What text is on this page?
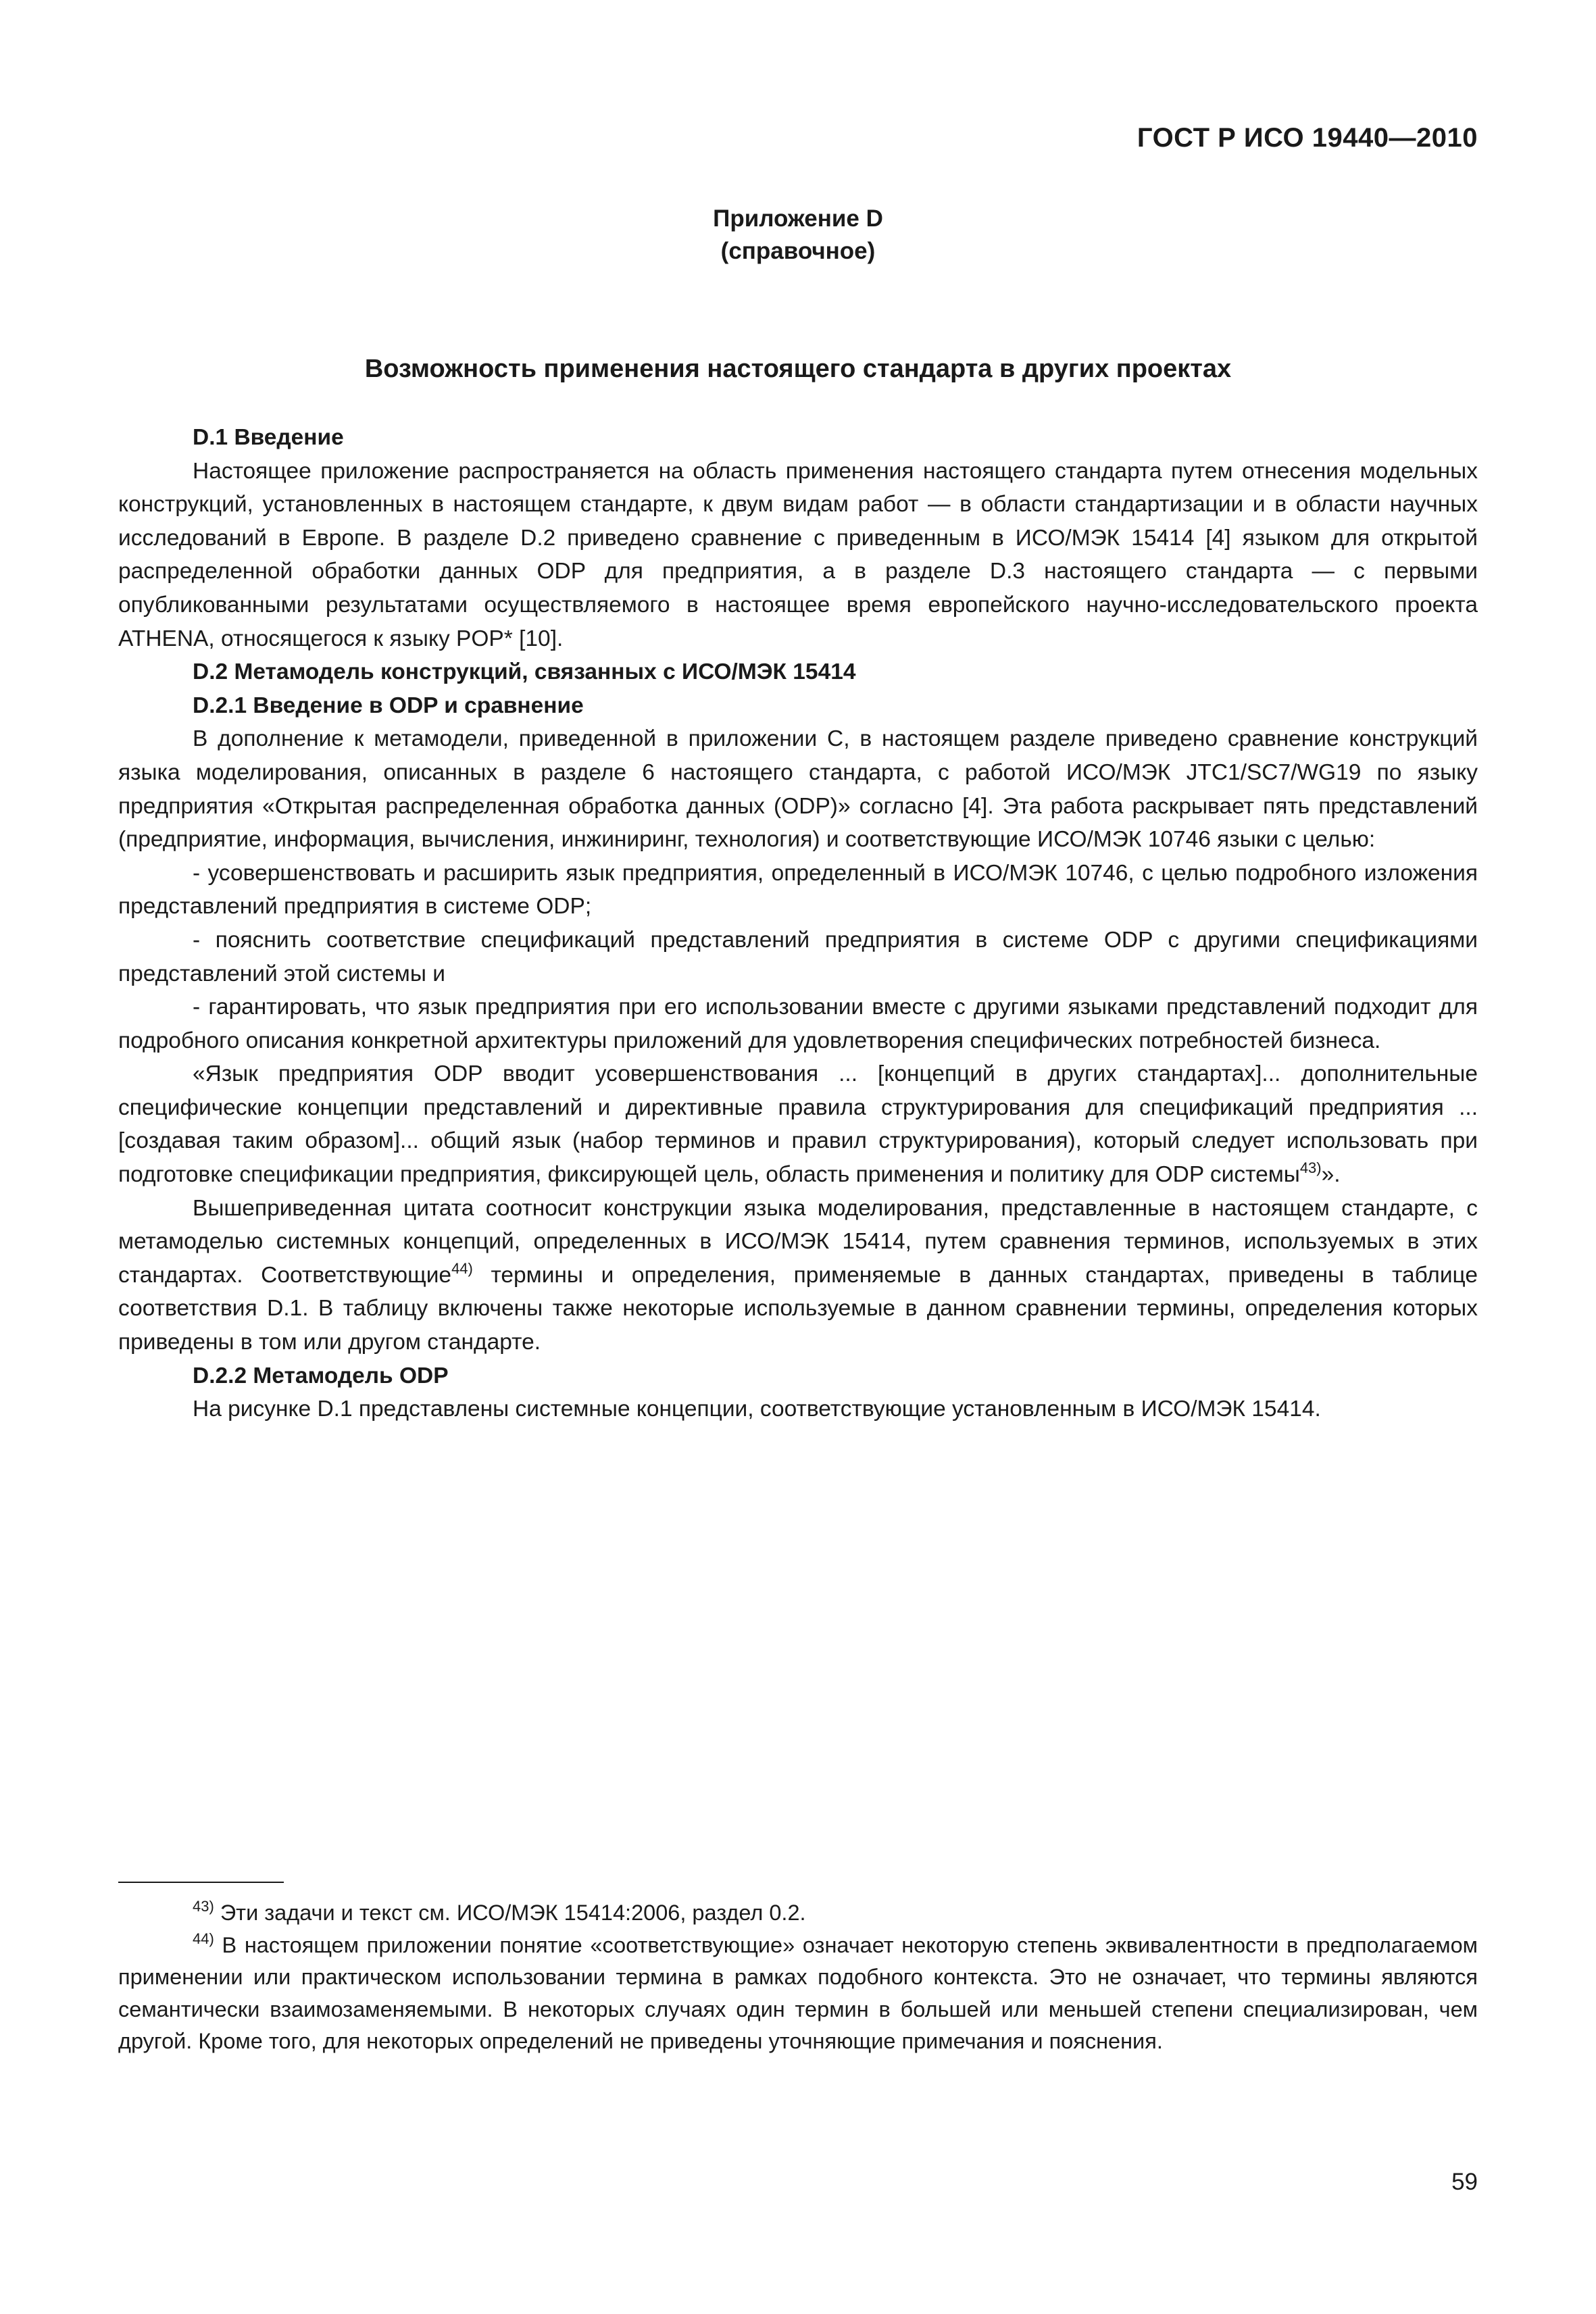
ГОСТ Р ИСО 19440—2010
Приложение D
(справочное)
Возможность применения настоящего стандарта в других проектах

D.1 Введение

Настоящее приложение распространяется на область применения настоящего стандарта путем отнесения модельных конструкций, установленных в настоящем стандарте, к двум видам работ — в области стандартизации и в области научных исследований в Европе. В разделе D.2 приведено сравнение с приведенным в ИСО/МЭК 15414 [4] языком для открытой распределенной обработки данных ODP для предприятия, а в разделе D.3 настоящего стандарта — с первыми опубликованными результатами осуществляемого в настоящее время европейского научно-исследовательского проекта ATHENA, относящегося к языку POP* [10].

D.2 Метамодель конструкций, связанных с ИСО/МЭК 15414

D.2.1 Введение в ODP и сравнение

В дополнение к метамодели, приведенной в приложении С, в настоящем разделе приведено сравнение конструкций языка моделирования, описанных в разделе 6 настоящего стандарта, с работой ИСО/МЭК JTC1/SC7/WG19 по языку предприятия «Открытая распределенная обработка данных (ODP)» согласно [4]. Эта работа раскрывает пять представлений (предприятие, информация, вычисления, инжиниринг, технология) и соответствующие ИСО/МЭК 10746 языки с целью:

- усовершенствовать и расширить язык предприятия, определенный в ИСО/МЭК 10746, с целью подробного изложения представлений предприятия в системе ODP;

- пояснить соответствие спецификаций представлений предприятия в системе ODP с другими спецификациями представлений этой системы и

- гарантировать, что язык предприятия при его использовании вместе с другими языками представлений подходит для подробного описания конкретной архитектуры приложений для удовлетворения специфических потребностей бизнеса.

«Язык предприятия ODP вводит усовершенствования ... [концепций в других стандартах]... дополнительные специфические концепции представлений и директивные правила структурирования для спецификаций предприятия ... [создавая таким образом]... общий язык (набор терминов и правил структурирования), который следует использовать при подготовке спецификации предприятия, фиксирующей цель, область применения и политику для ODP системы$^{43)}$».

Вышеприведенная цитата соотносит конструкции языка моделирования, представленные в настоящем стандарте, с метамоделью системных концепций, определенных в ИСО/МЭК 15414, путем сравнения терминов, используемых в этих стандартах. Соответствующие$^{44)}$ термины и определения, применяемые в данных стандартах, приведены в таблице соответствия D.1. В таблицу включены также некоторые используемые в данном сравнении термины, определения которых приведены в том или другом стандарте.

D.2.2 Метамодель ODP

На рисунке D.1 представлены системные концепции, соответствующие установленным в ИСО/МЭК 15414.

$^{43)}$ Эти задачи и текст см. ИСО/МЭК 15414:2006, раздел 0.2.

$^{44)}$ В настоящем приложении понятие «соответствующие» означает некоторую степень эквивалентности в предполагаемом применении или практическом использовании термина в рамках подобного контекста. Это не означает, что термины являются семантически взаимозаменяемыми. В некоторых случаях один термин в большей или меньшей степени специализирован, чем другой. Кроме того, для некоторых определений не приведены уточняющие примечания и пояснения.

59
